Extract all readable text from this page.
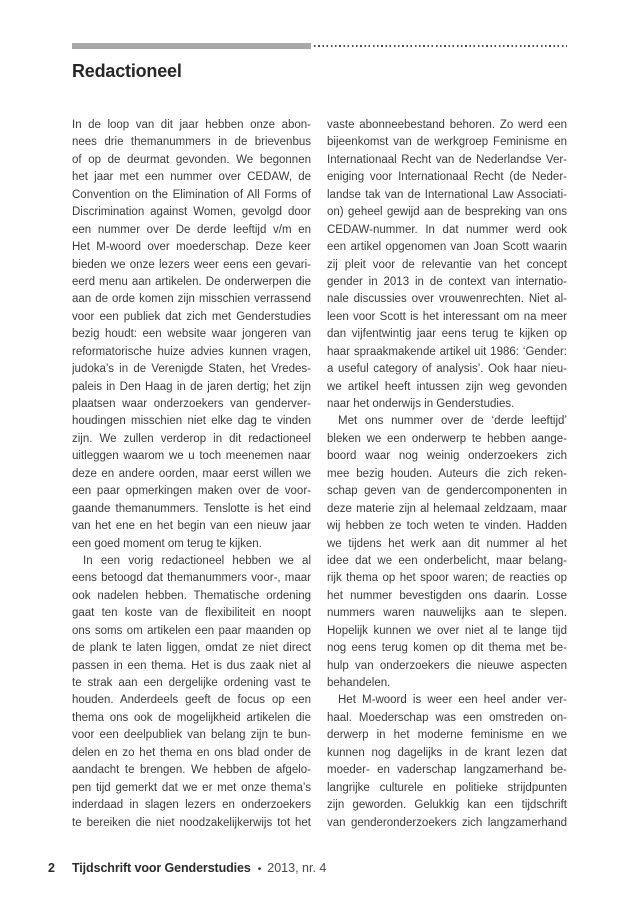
Redactioneel
In de loop van dit jaar hebben onze abon-
nees drie themanummers in de brievenbus
of op de deurmat gevonden. We begonnen
het jaar met een nummer over CEDAW, de
Convention on the Elimination of All Forms of
Discrimination against Women, gevolgd door
een nummer over De derde leeftijd v/m en
Het M-woord over moederschap. Deze keer
bieden we onze lezers weer eens een gevari-
eerd menu aan artikelen. De onderwerpen die
aan de orde komen zijn misschien verrassend
voor een publiek dat zich met Genderstudies
bezig houdt: een website waar jongeren van
reformatorische huize advies kunnen vragen,
judoka’s in de Verenigde Staten, het Vredes-
paleis in Den Haag in de jaren dertig; het zijn
plaatsen waar onderzoekers van genderver-
houdingen misschien niet elke dag te vinden
zijn. We zullen verderop in dit redactioneel
uitleggen waarom we u toch meenemen naar
deze en andere oorden, maar eerst willen we
een paar opmerkingen maken over de voor-
gaande themanummers. Tenslotte is het eind
van het ene en het begin van een nieuw jaar
een goed moment om terug te kijken.
In een vorig redactioneel hebben we al
eens betoogd dat themanummers voor-, maar
ook nadelen hebben. Thematische ordening
gaat ten koste van de flexibiliteit en noopt
ons soms om artikelen een paar maanden op
de plank te laten liggen, omdat ze niet direct
passen in een thema. Het is dus zaak niet al
te strak aan een dergelijke ordening vast te
houden. Anderdeels geeft de focus op een
thema ons ook de mogelijkheid artikelen die
voor een deelpubliek van belang zijn te bun-
delen en zo het thema en ons blad onder de
aandacht te brengen. We hebben de afgelo-
pen tijd gemerkt dat we er met onze thema’s
inderdaad in slagen lezers en onderzoekers
te bereiken die niet noodzakelijkerwijs tot het
vaste abonneebestand behoren. Zo werd een
bijeenkomst van de werkgroep Feminisme en
Internationaal Recht van de Nederlandse Ver-
eniging voor Internationaal Recht (de Neder-
landse tak van de International Law Associati-
on) geheel gewijd aan de bespreking van ons
CEDAW-nummer. In dat nummer werd ook
een artikel opgenomen van Joan Scott waarin
zij pleit voor de relevantie van het concept
gender in 2013 in de context van internatio-
nale discussies over vrouwenrechten. Niet al-
leen voor Scott is het interessant om na meer
dan vijfentwintig jaar eens terug te kijken op
haar spraakmakende artikel uit 1986: ‘Gender:
a useful category of analysis’. Ook haar nieu-
we artikel heeft intussen zijn weg gevonden
naar het onderwijs in Genderstudies.
Met ons nummer over de ‘derde leeftijd’
bleken we een onderwerp te hebben aange-
boord waar nog weinig onderzoekers zich
mee bezig houden. Auteurs die zich reken-
schap geven van de gendercomponenten in
deze materie zijn al helemaal zeldzaam, maar
wij hebben ze toch weten te vinden. Hadden
we tijdens het werk aan dit nummer al het
idee dat we een onderbelicht, maar belang-
rijk thema op het spoor waren; de reacties op
het nummer bevestigden ons daarin. Losse
nummers waren nauwelijks aan te slepen.
Hopelijk kunnen we over niet al te lange tijd
nog eens terug komen op dit thema met be-
hulp van onderzoekers die nieuwe aspecten
behandelen.
Het M-woord is weer een heel ander ver-
haal. Moederschap was een omstreden on-
derwerp in het moderne feminisme en we
kunnen nog dagelijks in de krant lezen dat
moeder- en vaderschap langzamerhand be-
langrijke culturele en politieke strijdpunten
zijn geworden. Gelukkig kan een tijdschrift
van genderonderzoekers zich langzamerhand
2	Tijdschrift voor Genderstudies • 2013, nr. 4
